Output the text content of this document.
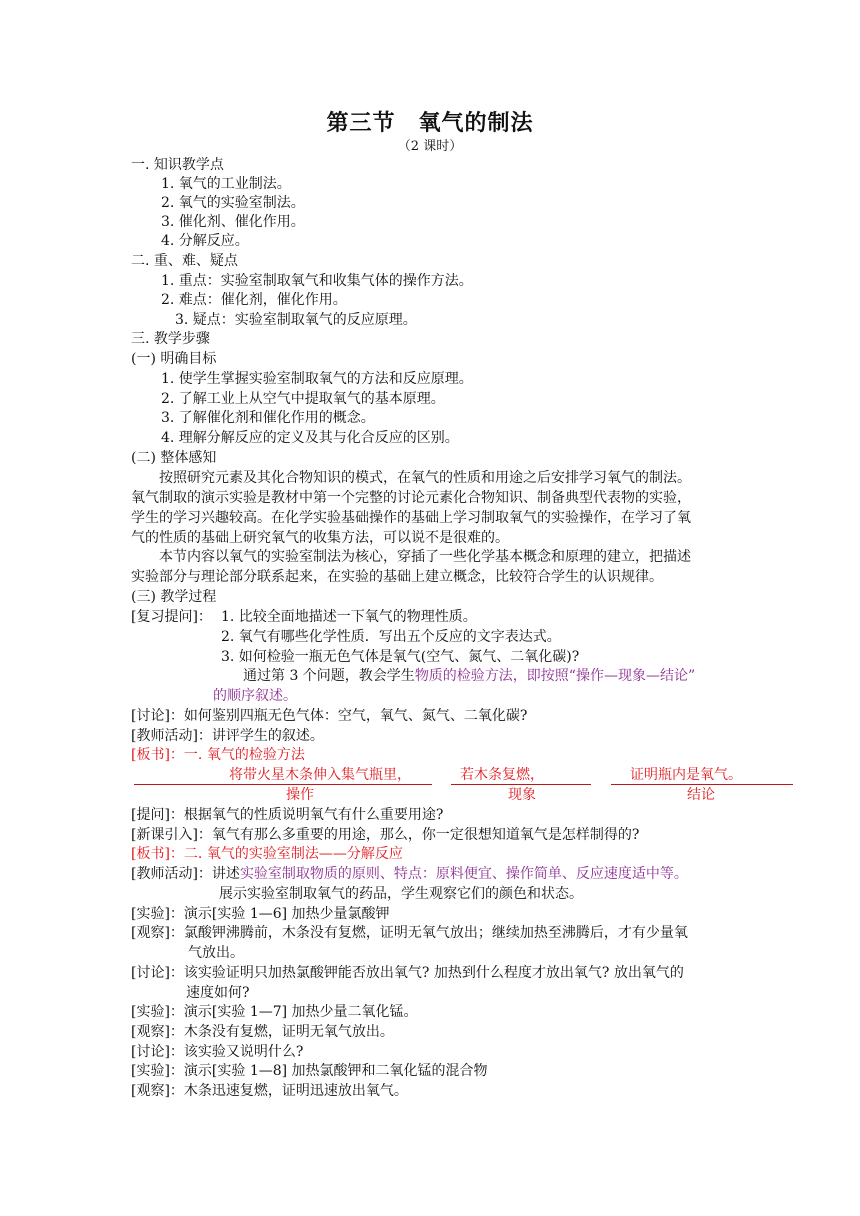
第三节　氧气的制法
（2 课时）
一. 知识教学点
1. 氧气的工业制法。
2. 氧气的实验室制法。
3. 催化剂、催化作用。
4. 分解反应。
二. 重、难、疑点
1. 重点：实验室制取氧气和收集气体的操作方法。
2. 难点：催化剂，催化作用。
3. 疑点：实验室制取氧气的反应原理。
三. 教学步骤
(一) 明确目标
1. 使学生掌握实验室制取氧气的方法和反应原理。
2. 了解工业上从空气中提取氧气的基本原理。
3. 了解催化剂和催化作用的概念。
4. 理解分解反应的定义及其与化合反应的区别。
(二) 整体感知
按照研究元素及其化合物知识的模式，在氧气的性质和用途之后安排学习氧气的制法。
氧气制取的演示实验是教材中第一个完整的讨论元素化合物知识、制备典型代表物的实验，
学生的学习兴趣较高。在化学实验基础操作的基础上学习制取氧气的实验操作，在学习了氧
气的性质的基础上研究氧气的收集方法，可以说不是很难的。
本节内容以氧气的实验室制法为核心，穿插了一些化学基本概念和原理的建立，把描述
实验部分与理论部分联系起来，在实验的基础上建立概念，比较符合学生的认识规律。
(三) 教学过程
[复习提问]： 1. 比较全面地描述一下氧气的物理性质。
2. 氧气有哪些化学性质．写出五个反应的文字表达式。
3. 如何检验一瓶无色气体是氧气(空气、氮气、二氧化碳)?
通过第 3 个问题，教会学生物质的检验方法，即按照“操作—现象—结论”
的顺序叙述。
[讨论]：如何鉴别四瓶无色气体：空气，氧气、氮气、二氧化碳?
[教师活动]：讲评学生的叙述。
[板书]：一. 氧气的检验方法
将带火星木条伸入集气瓶里，	若木条复燃，	证明瓶内是氧气。
操作	现象	结论
[提问]：根据氧气的性质说明氧气有什么重要用途?
[新课引入]：氧气有那么多重要的用途，那么，你一定很想知道氧气是怎样制得的?
[板书]：二. 氧气的实验室制法——分解反应
[教师活动]：讲述实验室制取物质的原则、特点：原料便宜、操作简单、反应速度适中等。
展示实验室制取氧气的药品，学生观察它们的颜色和状态。
[实验]：演示[实验 1—6] 加热少量氯酸钾
[观察]：氯酸钾沸腾前，木条没有复燃，证明无氧气放出；继续加热至沸腾后，才有少量氧
气放出。
[讨论]：该实验证明只加热氯酸钾能否放出氧气? 加热到什么程度才放出氧气? 放出氧气的
速度如何?
[实验]：演示[实验 1—7] 加热少量二氧化锰。
[观察]：木条没有复燃，证明无氧气放出。
[讨论]：该实验又说明什么?
[实验]：演示[实验 1—8] 加热氯酸钾和二氧化锰的混合物
[观察]：木条迅速复燃，证明迅速放出氧气。
